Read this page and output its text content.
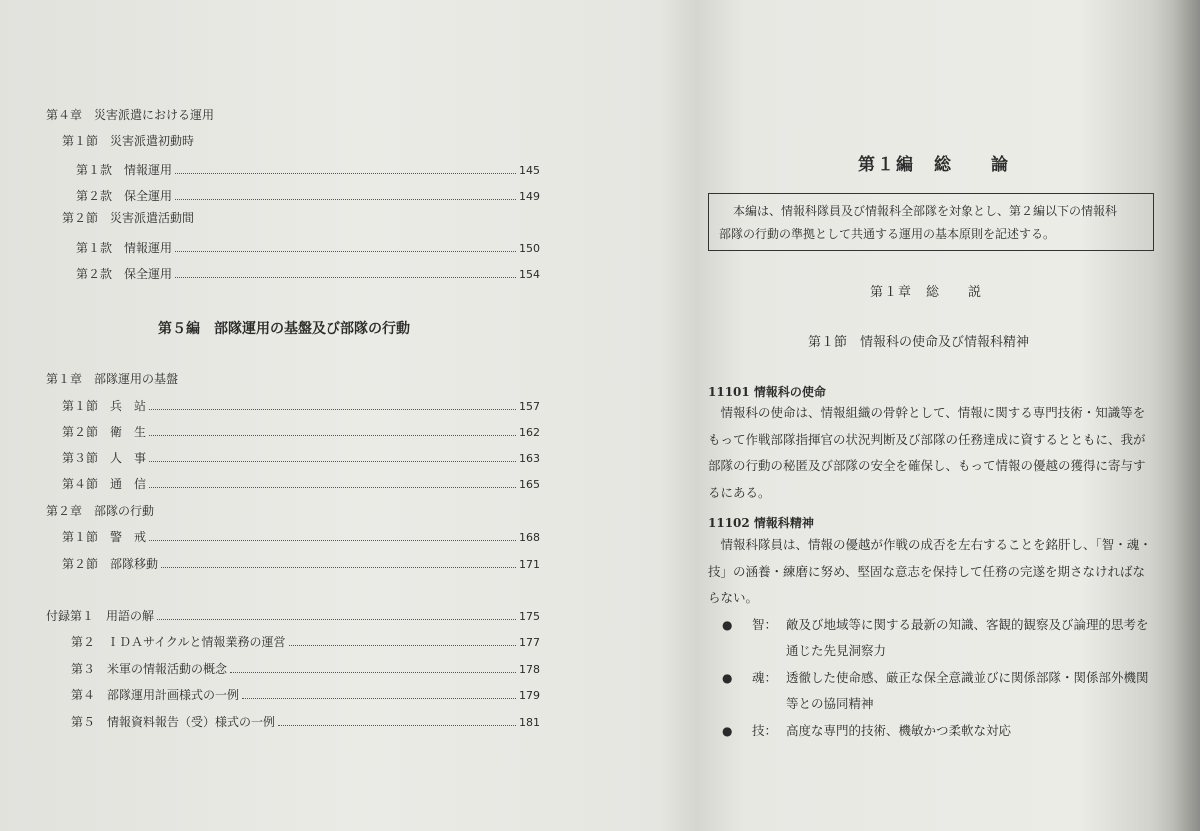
第４章　災害派遣における運用
第１節　災害派遣初動時
第１款　情報運用	145
第２款　保全運用	149
第２節　災害派遣活動間
第１款　情報運用	150
第２款　保全運用	154
第５編　部隊運用の基盤及び部隊の行動
第１章　部隊運用の基盤
第１節　兵　站	157
第２節　衛　生	162
第３節　人　事	163
第４節　通　信	165
第２章　部隊の行動
第１節　警　戒	168
第２節　部隊移動	171
付録第１　用語の解	175
第２　ＩＤＡサイクルと情報業務の運営	177
第３　米軍の情報活動の概念	178
第４　部隊運用計画様式の一例	179
第５　情報資料報告（受）様式の一例	181
第１編　総　　論

本編は、情報科隊員及び情報科全部隊を対象とし、第２編以下の情報科

部隊の行動の準拠として共通する運用の基本原則を記述する。

第１章　総　　説
第１節　情報科の使命及び情報科精神
11101 情報科の使命

　情報科の使命は、情報組織の骨幹として、情報に関する専門技術・知識等を

もって作戦部隊指揮官の状況判断及び部隊の任務達成に資するとともに、我が

部隊の行動の秘匿及び部隊の安全を確保し、もって情報の優越の獲得に寄与す

るにある。

11102 情報科精神

　情報科隊員は、情報の優越が作戦の成否を左右することを銘肝し、「智・魂・

技」の涵養・練磨に努め、堅固な意志を保持して任務の完遂を期さなければな

らない。

●	智： 敵及び地域等に関する最新の知識、客観的観察及び論理的思考を
通じた先見洞察力
●	魂： 透徹した使命感、厳正な保全意識並びに関係部隊・関係部外機関
等との協同精神
●	技： 高度な専門的技術、機敏かつ柔軟な対応
